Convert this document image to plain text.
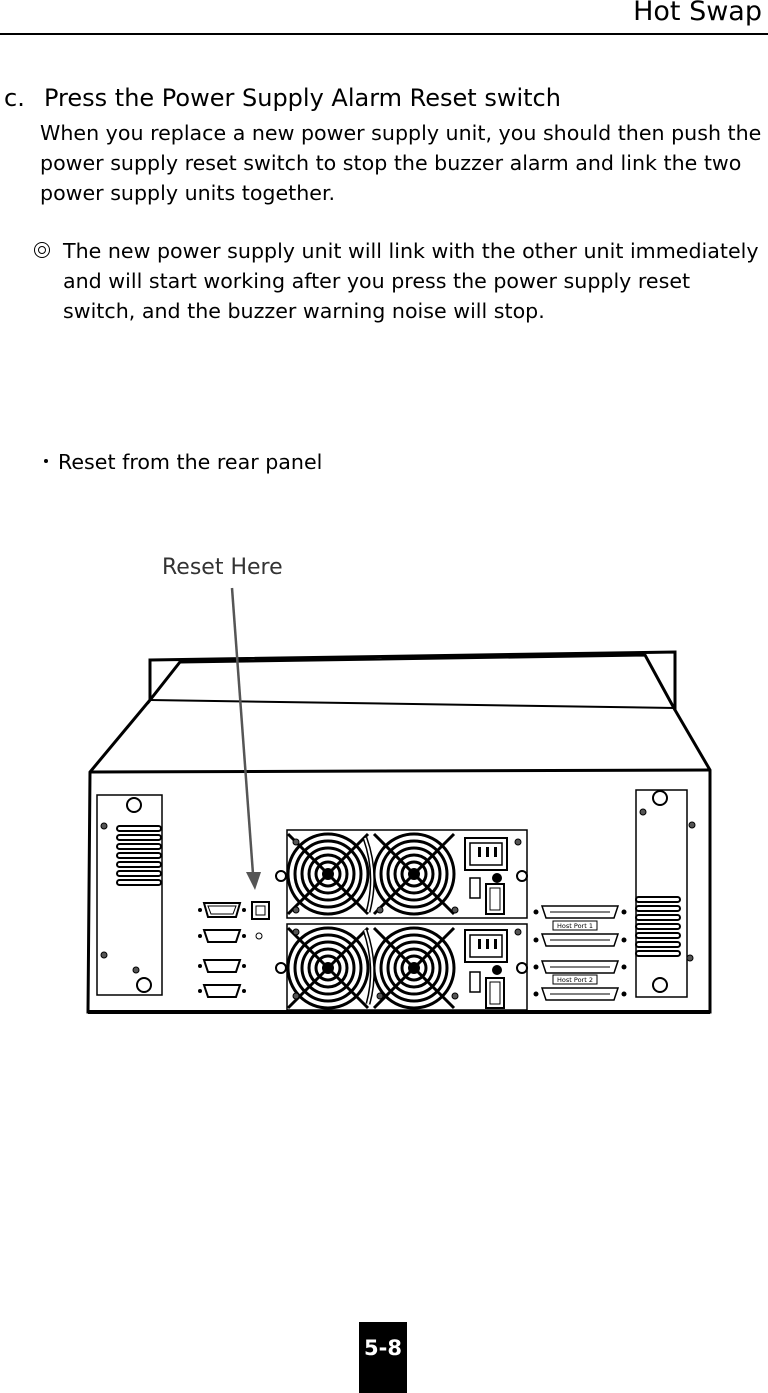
Hot Swap
c. Press the Power Supply Alarm Reset switch
When you replace a new power supply unit, you should then push the power supply reset switch to stop the buzzer alarm and link the two power supply units together.
The new power supply unit will link with the other unit immediately and will start working after you press the power supply reset switch, and the buzzer warning noise will stop.
Reset from the rear panel
Reset Here
Host Port 1
Host Port 2
5-8
